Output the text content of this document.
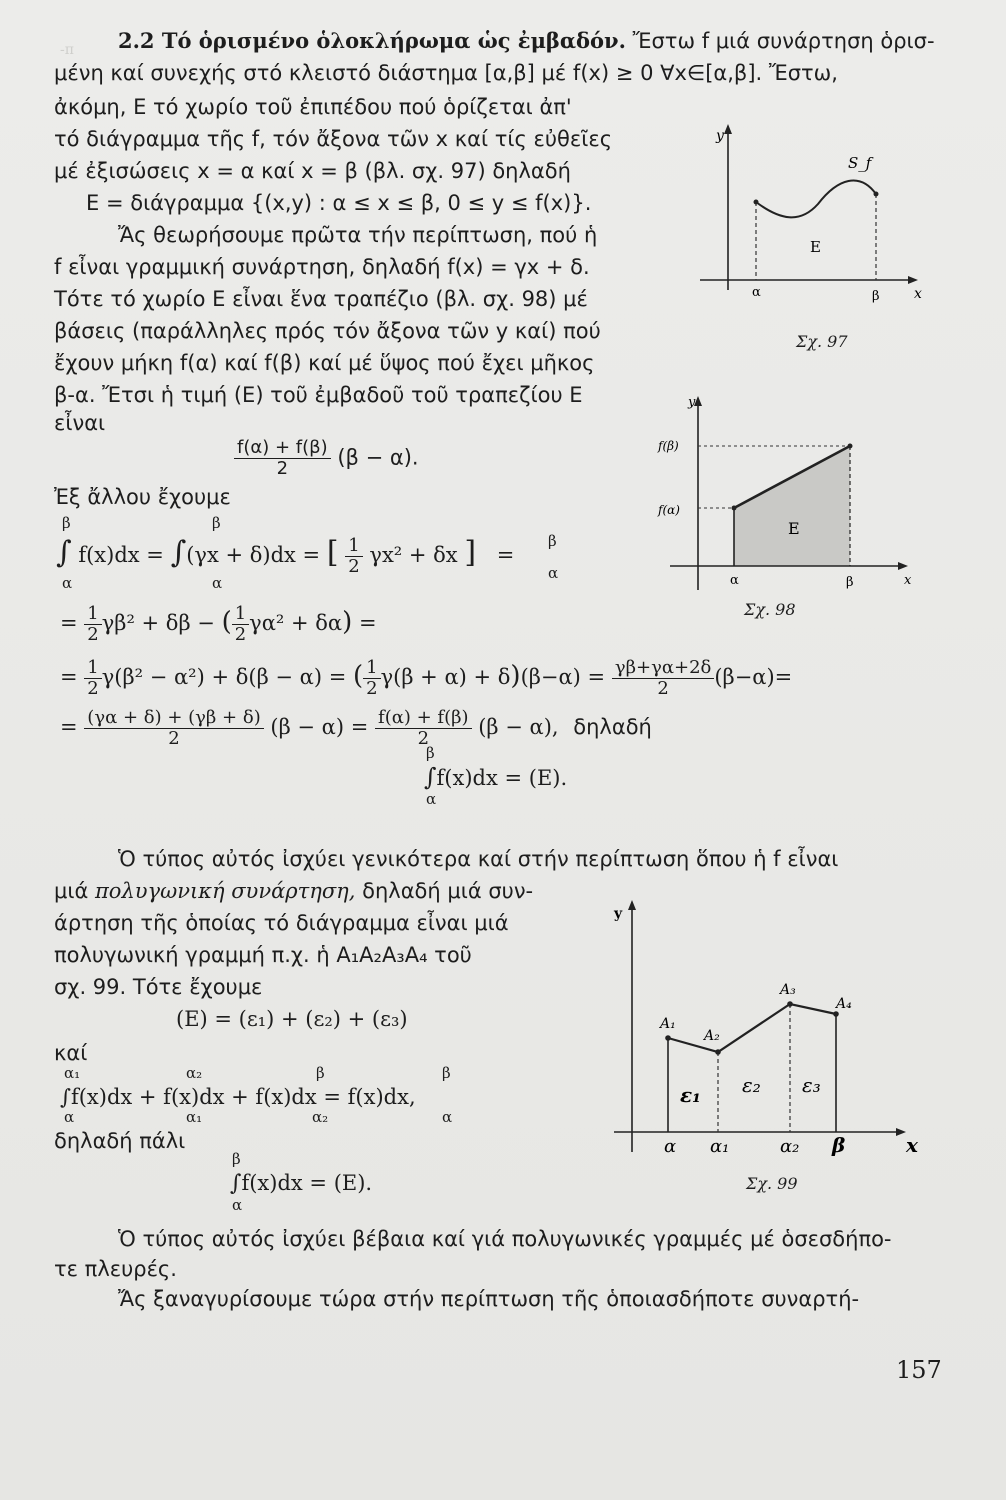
-π 2.2 Τό ὁρισμένο ὁλοκλήρωμα ὡς ἐμβαδόν. Ἔστω f μιά συνάρτηση ὁρισ-
μένη καί συνεχής στό κλειστό διάστημα [α,β] μέ f(x) ≥ 0 ∀x∈[α,β]. Ἔστω,
ἀκόμη, E τό χωρίο τοῦ ἐπιπέδου πού ὁρίζεται ἀπ'
τό διάγραμμα τῆς f, τόν ἄξονα τῶν x καί τίς εὐθεῖες
μέ ἐξισώσεις x = α καί x = β (βλ. σχ. 97) δηλαδή
E = διάγραμμα {(x,y) : α ≤ x ≤ β, 0 ≤ y ≤ f(x)}.
Ἄς θεωρήσουμε πρῶτα τήν περίπτωση, πού ἡ
f εἶναι γραμμική συνάρτηση, δηλαδή f(x) = γx + δ.
Τότε τό χωρίο E εἶναι ἕνα τραπέζιο (βλ. σχ. 98) μέ
βάσεις (παράλληλες πρός τόν ἄξονα τῶν y καί) πού
ἔχουν μήκη f(α) καί f(β) καί μέ ὕψος πού ἔχει μῆκος
β-α. Ἔτσι ἡ τιμή (E) τοῦ ἐμβαδοῦ τοῦ τραπεζίου E
εἶναι
$\frac{f(\alpha) + f(\beta)}{2} (\beta - \alpha)$.
Ἐξ ἄλλου ἔχουμε
β
α
β
α
β
α
∫ f(x)dx = ∫(γx + δ)dx = [ $\frac{1}{2} \gamma x^2 + \delta x$ ] =
= $\frac{1}{2} \gamma\beta^2 + \delta\beta$ − ( $\frac{1}{2} \gamma\alpha^2 + \delta\alpha$) =
= $\frac{1}{2} \gamma(\beta^2 - \alpha^2) + \delta(\beta - \alpha)$ = ( $\frac{1}{2} \gamma(\beta + \alpha) + \delta)(\beta-\alpha) = \frac{\gamma\beta+\gamma\alpha+2\delta}{2} (\beta-\alpha)=$
= $\frac{(\gamma\alpha + \delta) + (\gamma\beta + \delta)}{2} (\beta - \alpha) = \frac{f(\alpha) + f(\beta)}{2} (\beta - \alpha)$, δηλαδή
β
α
∫f(x)dx = (E).
Ὁ τύπος αὐτός ἰσχύει γενικότερα καί στήν περίπτωση ὅπου ἡ f εἶναι
μιά πολυγωνική συνάρτηση, δηλαδή μιά συν-
άρτηση τῆς ὁποίας τό διάγραμμα εἶναι μιά
πολυγωνική γραμμή π.χ. ἡ A₁A₂A₃A₄ τοῦ
σχ. 99. Τότε ἔχουμε
(E) = (ε₁) + (ε₂) + (ε₃)
καί
α₁
α
α₂
α₁
β
α₂
β
α
∫f(x)dx + f(x)dx + f(x)dx = f(x)dx,
δηλαδή πάλι
β
α
∫f(x)dx = (E).
Ὁ τύπος αὐτός ἰσχύει βέβαια καί γιά πολυγωνικές γραμμές μέ ὁσεσδήπο-
τε πλευρές.
Ἄς ξαναγυρίσουμε τώρα στήν περίπτωση τῆς ὁποιασδήποτε συναρτή-
157
y
S_f
E
α	β x
Σχ. 97
y
f(β)
f(α)
E
α	β	x
Σχ. 98
y
A₁
A₂
A₃
A₄
ε₁ ε₂ ε₃
α α₁	α₂ β	x
Σχ. 99
